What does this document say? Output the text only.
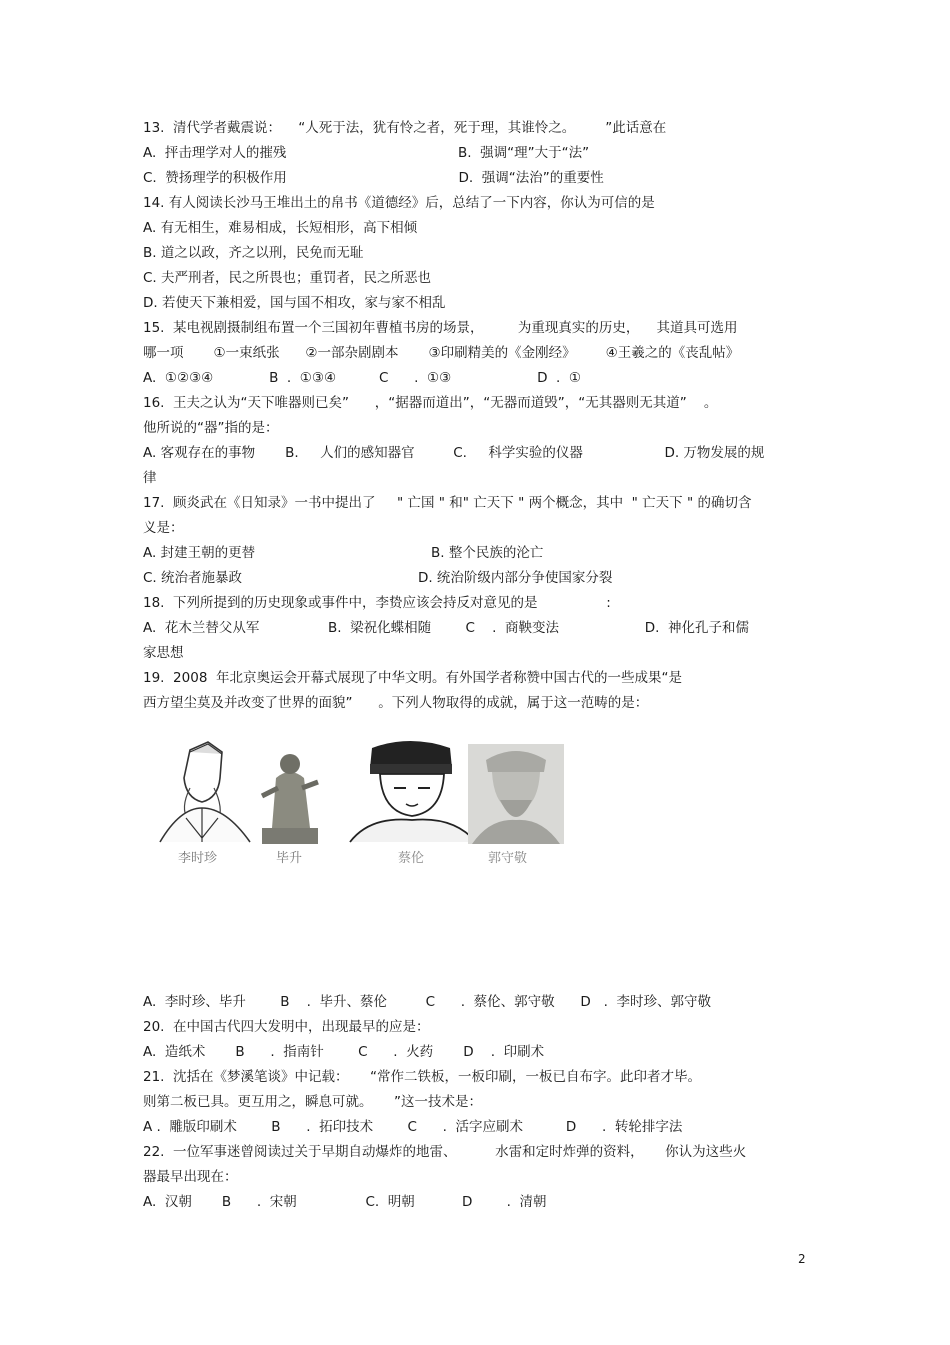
13.  清代学者戴震说：    “人死于法，犹有怜之者，死于理，其谁怜之。       ”此话意在
A.  抨击理学对人的摧残                                        B.  强调“理”大于“法”
C.  赞扬理学的积极作用                                        D.  强调“法治”的重要性
14. 有人阅读长沙马王堆出土的帛书《道德经》后，总结了一下内容，你认为可信的是
A. 有无相生，难易相成，长短相形，高下相倾
B. 道之以政，齐之以刑，民免而无耻
C. 夫严刑者，民之所畏也；重罚者，民之所恶也
D. 若使天下兼相爱，国与国不相攻，家与家不相乱
15.  某电视剧摄制组布置一个三国初年曹植书房的场景，        为重现真实的历史，    其道具可选用
哪一项       ①一束纸张      ②一部杂剧剧本       ③印刷精美的《金刚经》       ④王羲之的《丧乱帖》
A.  ①②③④             B  .  ①③④          C      .  ①③                    D  .  ①
16.  王夫之认为“天下唯器则已矣”      ，“据器而道出”，“无器而道毁”，“无其器则无其道”    。
他所说的“器”指的是：
A. 客观存在的事物       B.     人们的感知器官         C.     科学实验的仪器                   D. 万物发展的规
律
17.  顾炎武在《日知录》一书中提出了     " 亡国 " 和" 亡天下 " 两个概念，其中  " 亡天下 " 的确切含
义是：
A. 封建王朝的更替                                         B. 整个民族的沦亡
C. 统治者施暴政                                         D. 统治阶级内部分争使国家分裂
18.  下列所提到的历史现象或事件中，李贽应该会持反对意见的是                :
A.  花木兰替父从军                B.  梁祝化蝶相随        C    .  商鞅变法                    D.  神化孔子和儒
家思想
19.  2008  年北京奥运会开幕式展现了中华文明。有外国学者称赞中国古代的一些成果“是
西方望尘莫及并改变了世界的面貌”      。下列人物取得的成就，属于这一范畴的是：
李时珍	毕升	蔡伦	郭守敬
A.  李时珍、毕升        B    .  毕升、蔡伦         C      .  蔡伦、郭守敬      D   .  李时珍、郭守敬
20.  在中国古代四大发明中，出现最早的应是：
A.  造纸术       B      .  指南针        C      .  火药       D    .  印刷术
21.  沈括在《梦溪笔谈》中记载：     “常作二铁板，一板印刷，一板已自布字。此印者才毕。
则第二板已具。更互用之，瞬息可就。     ”这一技术是：
A .  雕版印刷术        B      .  拓印技术        C      .  活字应刷术          D      .  转轮排字法
22.  一位军事迷曾阅读过关于早期自动爆炸的地雷、         水雷和定时炸弹的资料，     你认为这些火
器最早出现在：
A.  汉朝       B      .  宋朝                C.  明朝           D        .  清朝
2
